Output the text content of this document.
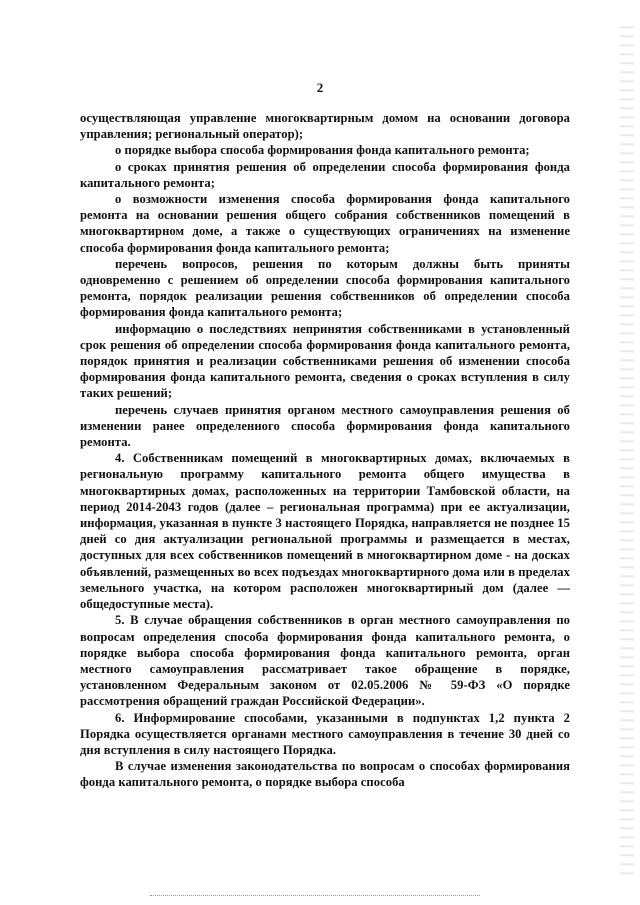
2

осуществляющая управление многоквартирным домом на основании договора управления; региональный оператор);

о порядке выбора способа формирования фонда капитального ремонта;

о сроках принятия решения об определении способа формирования фонда капитального ремонта;

о возможности изменения способа формирования фонда капитального ремонта на основании решения общего собрания собственников помещений в многоквартирном доме, а также о существующих ограничениях на изменение способа формирования фонда капитального ремонта;

перечень вопросов, решения по которым должны быть приняты одновременно с решением об определении способа формирования капитального ремонта, порядок реализации решения собственников об определении способа формирования фонда капитального ремонта;

информацию о последствиях непринятия собственниками в установленный срок решения об определении способа формирования фонда капитального ремонта, порядок принятия и реализации собственниками решения об изменении способа формирования фонда капитального ремонта, сведения о сроках вступления в силу таких решений;

перечень случаев принятия органом местного самоуправления решения об изменении ранее определенного способа формирования фонда капитального ремонта.

4. Собственникам помещений в многоквартирных домах, включаемых в региональную программу капитального ремонта общего имущества в многоквартирных домах, расположенных на территории Тамбовской области, на период 2014-2043 годов (далее – региональная программа) при ее актуализации, информация, указанная в пункте 3 настоящего Порядка, направляется не позднее 15 дней со дня актуализации региональной программы и размещается в местах, доступных для всех собственников помещений в многоквартирном доме - на досках объявлений, размещенных во всех подъездах многоквартирного дома или в пределах земельного участка, на котором расположен многоквартирный дом (далее — общедоступные места).

5. В случае обращения собственников в орган местного самоуправления по вопросам определения способа формирования фонда капитального ремонта, о порядке выбора способа формирования фонда капитального ремонта, орган местного самоуправления рассматривает такое обращение в порядке, установленном Федеральным законом от 02.05.2006 № 59-ФЗ «О порядке рассмотрения обращений граждан Российской Федерации».

6. Информирование способами, указанными в подпунктах 1,2 пункта 2 Порядка осуществляется органами местного самоуправления в течение 30 дней со дня вступления в силу настоящего Порядка.

В случае изменения законодательства по вопросам о способах формирования фонда капитального ремонта, о порядке выбора способа
